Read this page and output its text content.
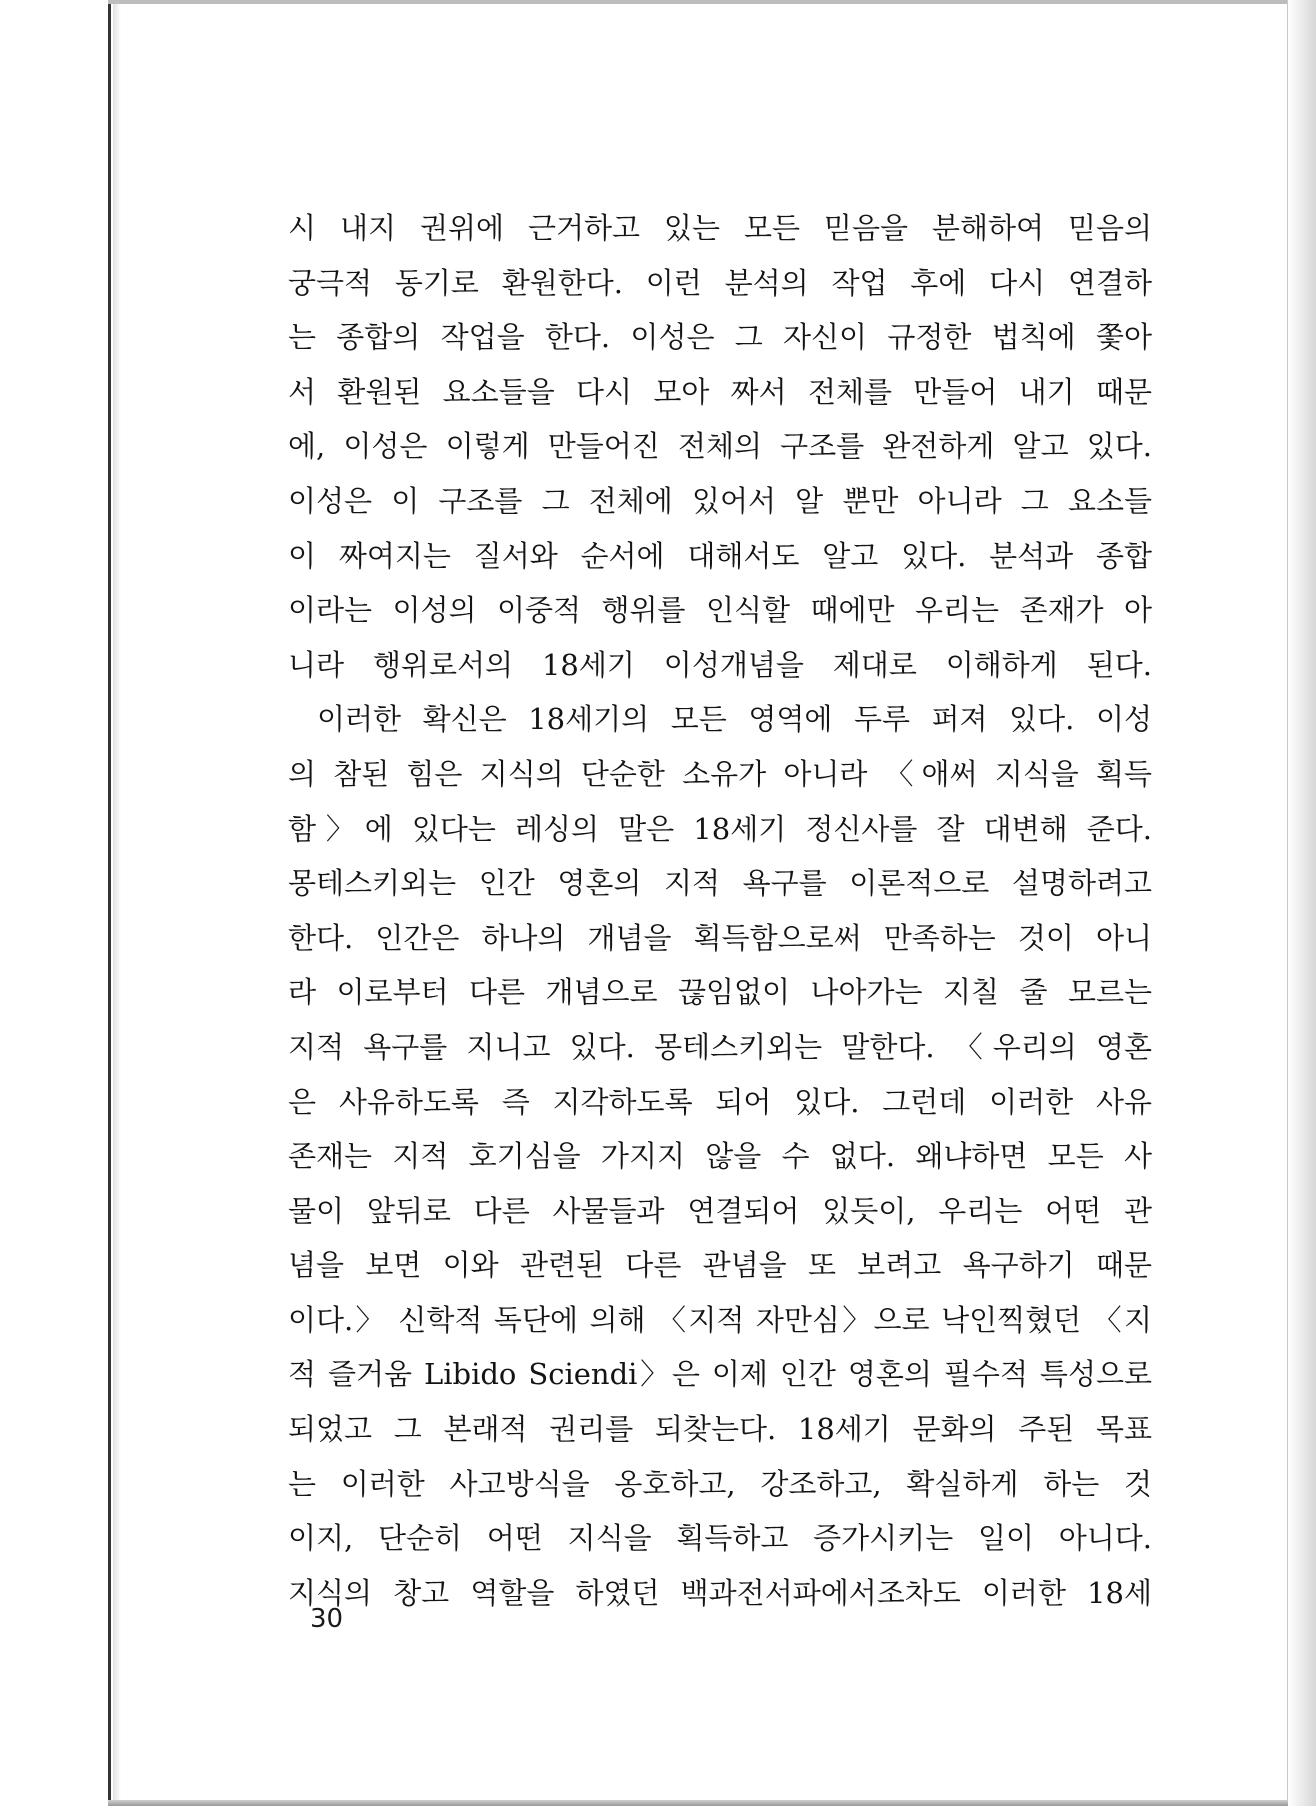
시 내지 권위에 근거하고 있는 모든 믿음을 분해하여 믿음의
궁극적 동기로 환원한다. 이런 분석의 작업 후에 다시 연결하
는 종합의 작업을 한다. 이성은 그 자신이 규정한 법칙에 쫓아
서 환원된 요소들을 다시 모아 짜서 전체를 만들어 내기 때문
에, 이성은 이렇게 만들어진 전체의 구조를 완전하게 알고 있다.
이성은 이 구조를 그 전체에 있어서 알 뿐만 아니라 그 요소들
이 짜여지는 질서와 순서에 대해서도 알고 있다. 분석과 종합
이라는 이성의 이중적 행위를 인식할 때에만 우리는 존재가 아
니라 행위로서의 18세기 이성개념을 제대로 이해하게 된다.
이러한 확신은 18세기의 모든 영역에 두루 퍼져 있다. 이성
의 참된 힘은 지식의 단순한 소유가 아니라 〈애써 지식을 획득
함〉에 있다는 레싱의 말은 18세기 정신사를 잘 대변해 준다.
몽테스키외는 인간 영혼의 지적 욕구를 이론적으로 설명하려고
한다. 인간은 하나의 개념을 획득함으로써 만족하는 것이 아니
라 이로부터 다른 개념으로 끊임없이 나아가는 지칠 줄 모르는
지적 욕구를 지니고 있다. 몽테스키외는 말한다. 〈우리의 영혼
은 사유하도록 즉 지각하도록 되어 있다. 그런데 이러한 사유
존재는 지적 호기심을 가지지 않을 수 없다. 왜냐하면 모든 사
물이 앞뒤로 다른 사물들과 연결되어 있듯이, 우리는 어떤 관
념을 보면 이와 관련된 다른 관념을 또 보려고 욕구하기 때문
이다.〉 신학적 독단에 의해 〈지적 자만심〉으로 낙인찍혔던 〈지
적 즐거움 Libido Sciendi〉은 이제 인간 영혼의 필수적 특성으로
되었고 그 본래적 권리를 되찾는다. 18세기 문화의 주된 목표
는 이러한 사고방식을 옹호하고, 강조하고, 확실하게 하는 것
이지, 단순히 어떤 지식을 획득하고 증가시키는 일이 아니다.
지식의 창고 역할을 하였던 백과전서파에서조차도 이러한 18세
30
